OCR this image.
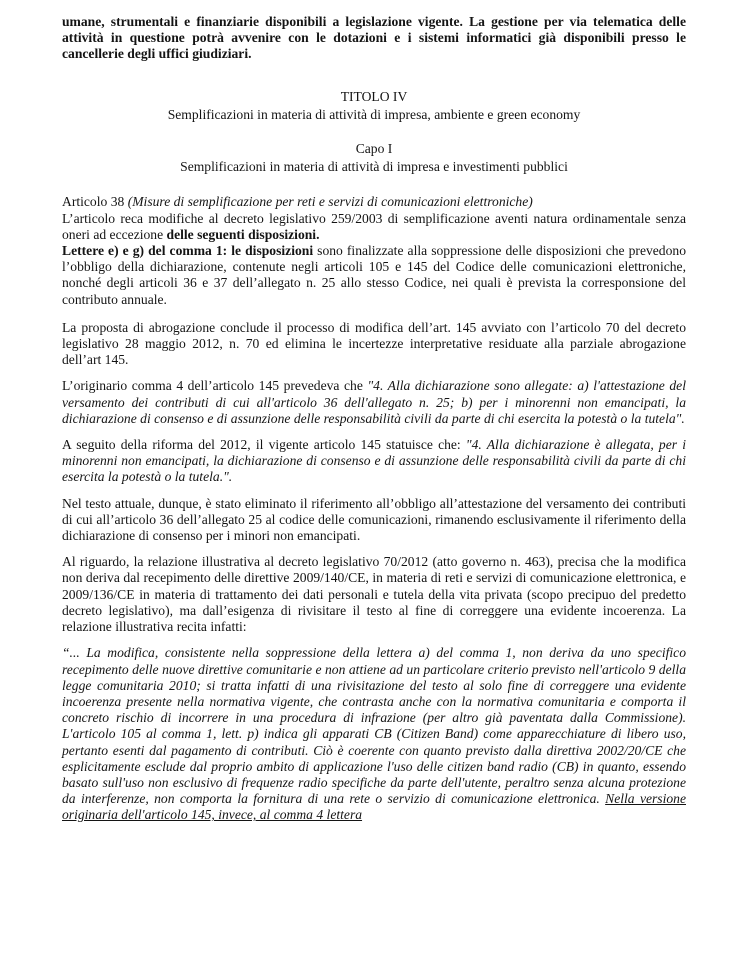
umane, strumentali e finanziarie disponibili a legislazione vigente. La gestione per via telematica delle attività in questione potrà avvenire con le dotazioni e i sistemi informatici già disponibili presso le cancellerie degli uffici giudiziari.

TITOLO IV

Semplificazioni in materia di attività di impresa, ambiente e green economy

Capo I

Semplificazioni in materia di attività di impresa e investimenti pubblici

Articolo 38 (Misure di semplificazione per reti e servizi di comunicazioni elettroniche)

L’articolo reca modifiche al decreto legislativo 259/2003 di semplificazione aventi natura ordinamentale senza oneri ad eccezione delle seguenti disposizioni.

Lettere e) e g) del comma 1: le disposizioni sono finalizzate alla soppressione delle disposizioni che prevedono l’obbligo della dichiarazione, contenute negli articoli 105 e 145 del Codice delle comunicazioni elettroniche, nonché degli articoli 36 e 37 dell’allegato n. 25 allo stesso Codice, nei quali è prevista la corresponsione del contributo annuale.

La proposta di abrogazione conclude il processo di modifica dell’art. 145 avviato con l’articolo 70 del decreto legislativo 28 maggio 2012, n. 70 ed elimina le incertezze interpretative residuate alla parziale abrogazione dell’art 145.

L’originario comma 4 dell’articolo 145 prevedeva che "4. Alla dichiarazione sono allegate: a) l'attestazione del versamento dei contributi di cui all'articolo 36 dell'allegato n. 25; b) per i minorenni non emancipati, la dichiarazione di consenso e di assunzione delle responsabilità civili da parte di chi esercita la potestà o la tutela".

A seguito della riforma del 2012, il vigente articolo 145 statuisce che: "4. Alla dichiarazione è allegata, per i minorenni non emancipati, la dichiarazione di consenso e di assunzione delle responsabilità civili da parte di chi esercita la potestà o la tutela.".

Nel testo attuale, dunque, è stato eliminato il riferimento all’obbligo all’attestazione del versamento dei contributi di cui all’articolo 36 dell’allegato 25 al codice delle comunicazioni, rimanendo esclusivamente il riferimento della dichiarazione di consenso per i minori non emancipati.

Al riguardo, la relazione illustrativa al decreto legislativo 70/2012 (atto governo n. 463), precisa che la modifica non deriva dal recepimento delle direttive 2009/140/CE, in materia di reti e servizi di comunicazione elettronica, e 2009/136/CE in materia di trattamento dei dati personali e tutela della vita privata (scopo precipuo del predetto decreto legislativo), ma dall’esigenza di rivisitare il testo al fine di correggere una evidente incoerenza. La relazione illustrativa recita infatti:

“... La modifica, consistente nella soppressione della lettera a) del comma 1, non deriva da uno specifico recepimento delle nuove direttive comunitarie e non attiene ad un particolare criterio previsto nell'articolo 9 della legge comunitaria 2010; si tratta infatti di una rivisitazione del testo al solo fine di correggere una evidente incoerenza presente nella normativa vigente, che contrasta anche con la normativa comunitaria e comporta il concreto rischio di incorrere in una procedura di infrazione (per altro già paventata dalla Commissione). L'articolo 105 al comma 1, lett. p) indica gli apparati CB (Citizen Band) come apparecchiature di libero uso, pertanto esenti dal pagamento di contributi. Ciò è coerente con quanto previsto dalla direttiva 2002/20/CE che esplicitamente esclude dal proprio ambito di applicazione l'uso delle citizen band radio (CB) in quanto, essendo basato sull'uso non esclusivo di frequenze radio specifiche da parte dell'utente, peraltro senza alcuna protezione da interferenze, non comporta la fornitura di una rete o servizio di comunicazione elettronica. Nella versione originaria dell'articolo 145, invece, al comma 4 lettera
